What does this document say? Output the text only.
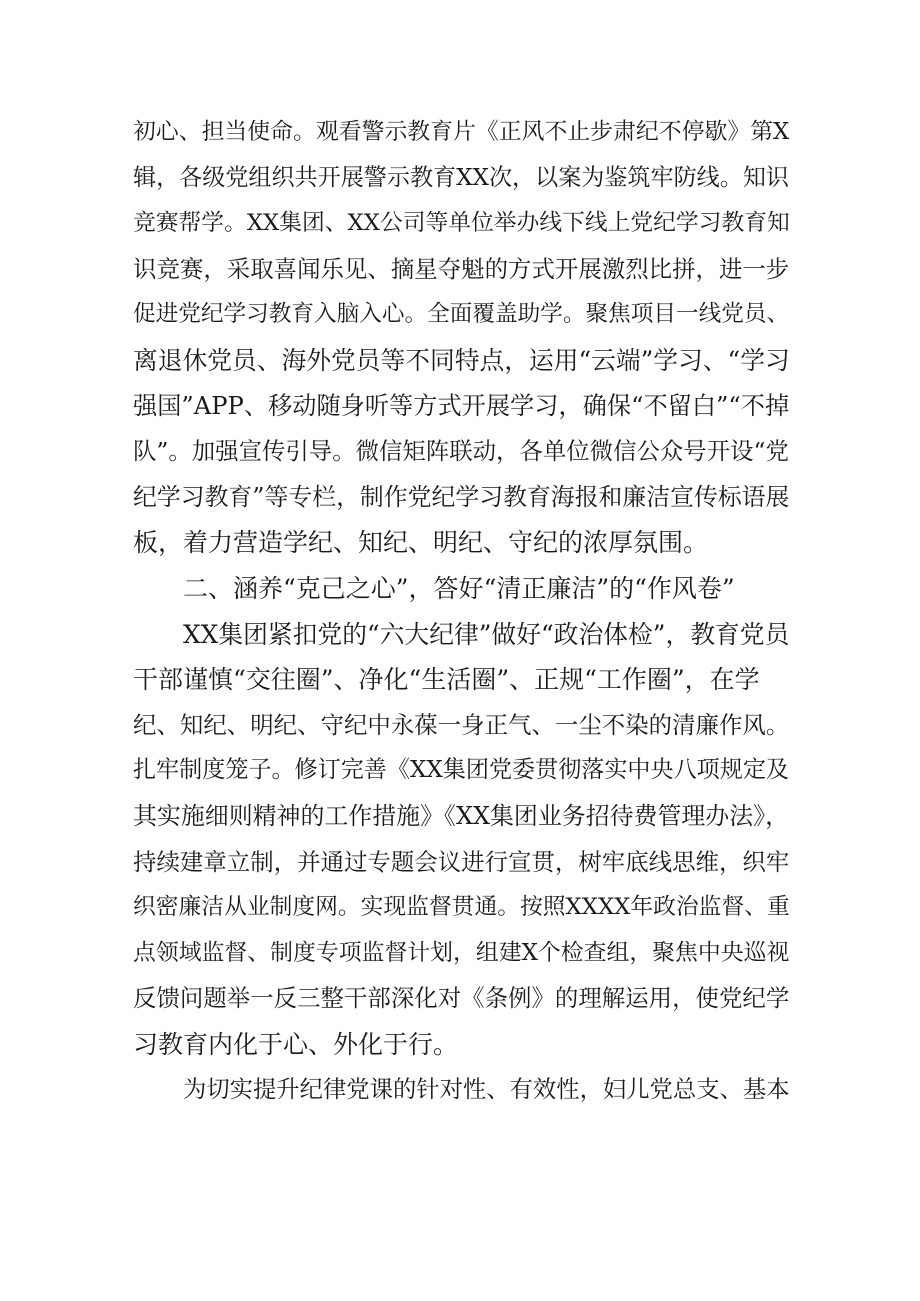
初心、担当使命。观看警示教育片《正风不止步肃纪不停歇》第X
辑，各级党组织共开展警示教育XX次，以案为鉴筑牢防线。知识
竞赛帮学。XX集团、XX公司等单位举办线下线上党纪学习教育知
识竞赛，采取喜闻乐见、摘星夺魁的方式开展激烈比拼，进一步
促进党纪学习教育入脑入心。全面覆盖助学。聚焦项目一线党员、
离退休党员、海外党员等不同特点，运用“云端”学习、“学习
强国”APP、移动随身听等方式开展学习，确保“不留白”“不掉
队”。加强宣传引导。微信矩阵联动，各单位微信公众号开设“党
纪学习教育”等专栏，制作党纪学习教育海报和廉洁宣传标语展
板，着力营造学纪、知纪、明纪、守纪的浓厚氛围。
二、涵养“克己之心”，答好“清正廉洁”的“作风卷”
XX集团紧扣党的“六大纪律”做好“政治体检”，教育党员
干部谨慎“交往圈”、净化“生活圈”、正规“工作圈”，在学
纪、知纪、明纪、守纪中永葆一身正气、一尘不染的清廉作风。
扎牢制度笼子。修订完善《XX集团党委贯彻落实中央八项规定及
其实施细则精神的工作措施》《XX集团业务招待费管理办法》，
持续建章立制，并通过专题会议进行宣贯，树牢底线思维，织牢
织密廉洁从业制度网。实现监督贯通。按照XXXX年政治监督、重
点领域监督、制度专项监督计划，组建X个检查组，聚焦中央巡视
反馈问题举一反三整干部深化对《条例》的理解运用，使党纪学
习教育内化于心、外化于行。
为切实提升纪律党课的针对性、有效性，妇儿党总支、基本
